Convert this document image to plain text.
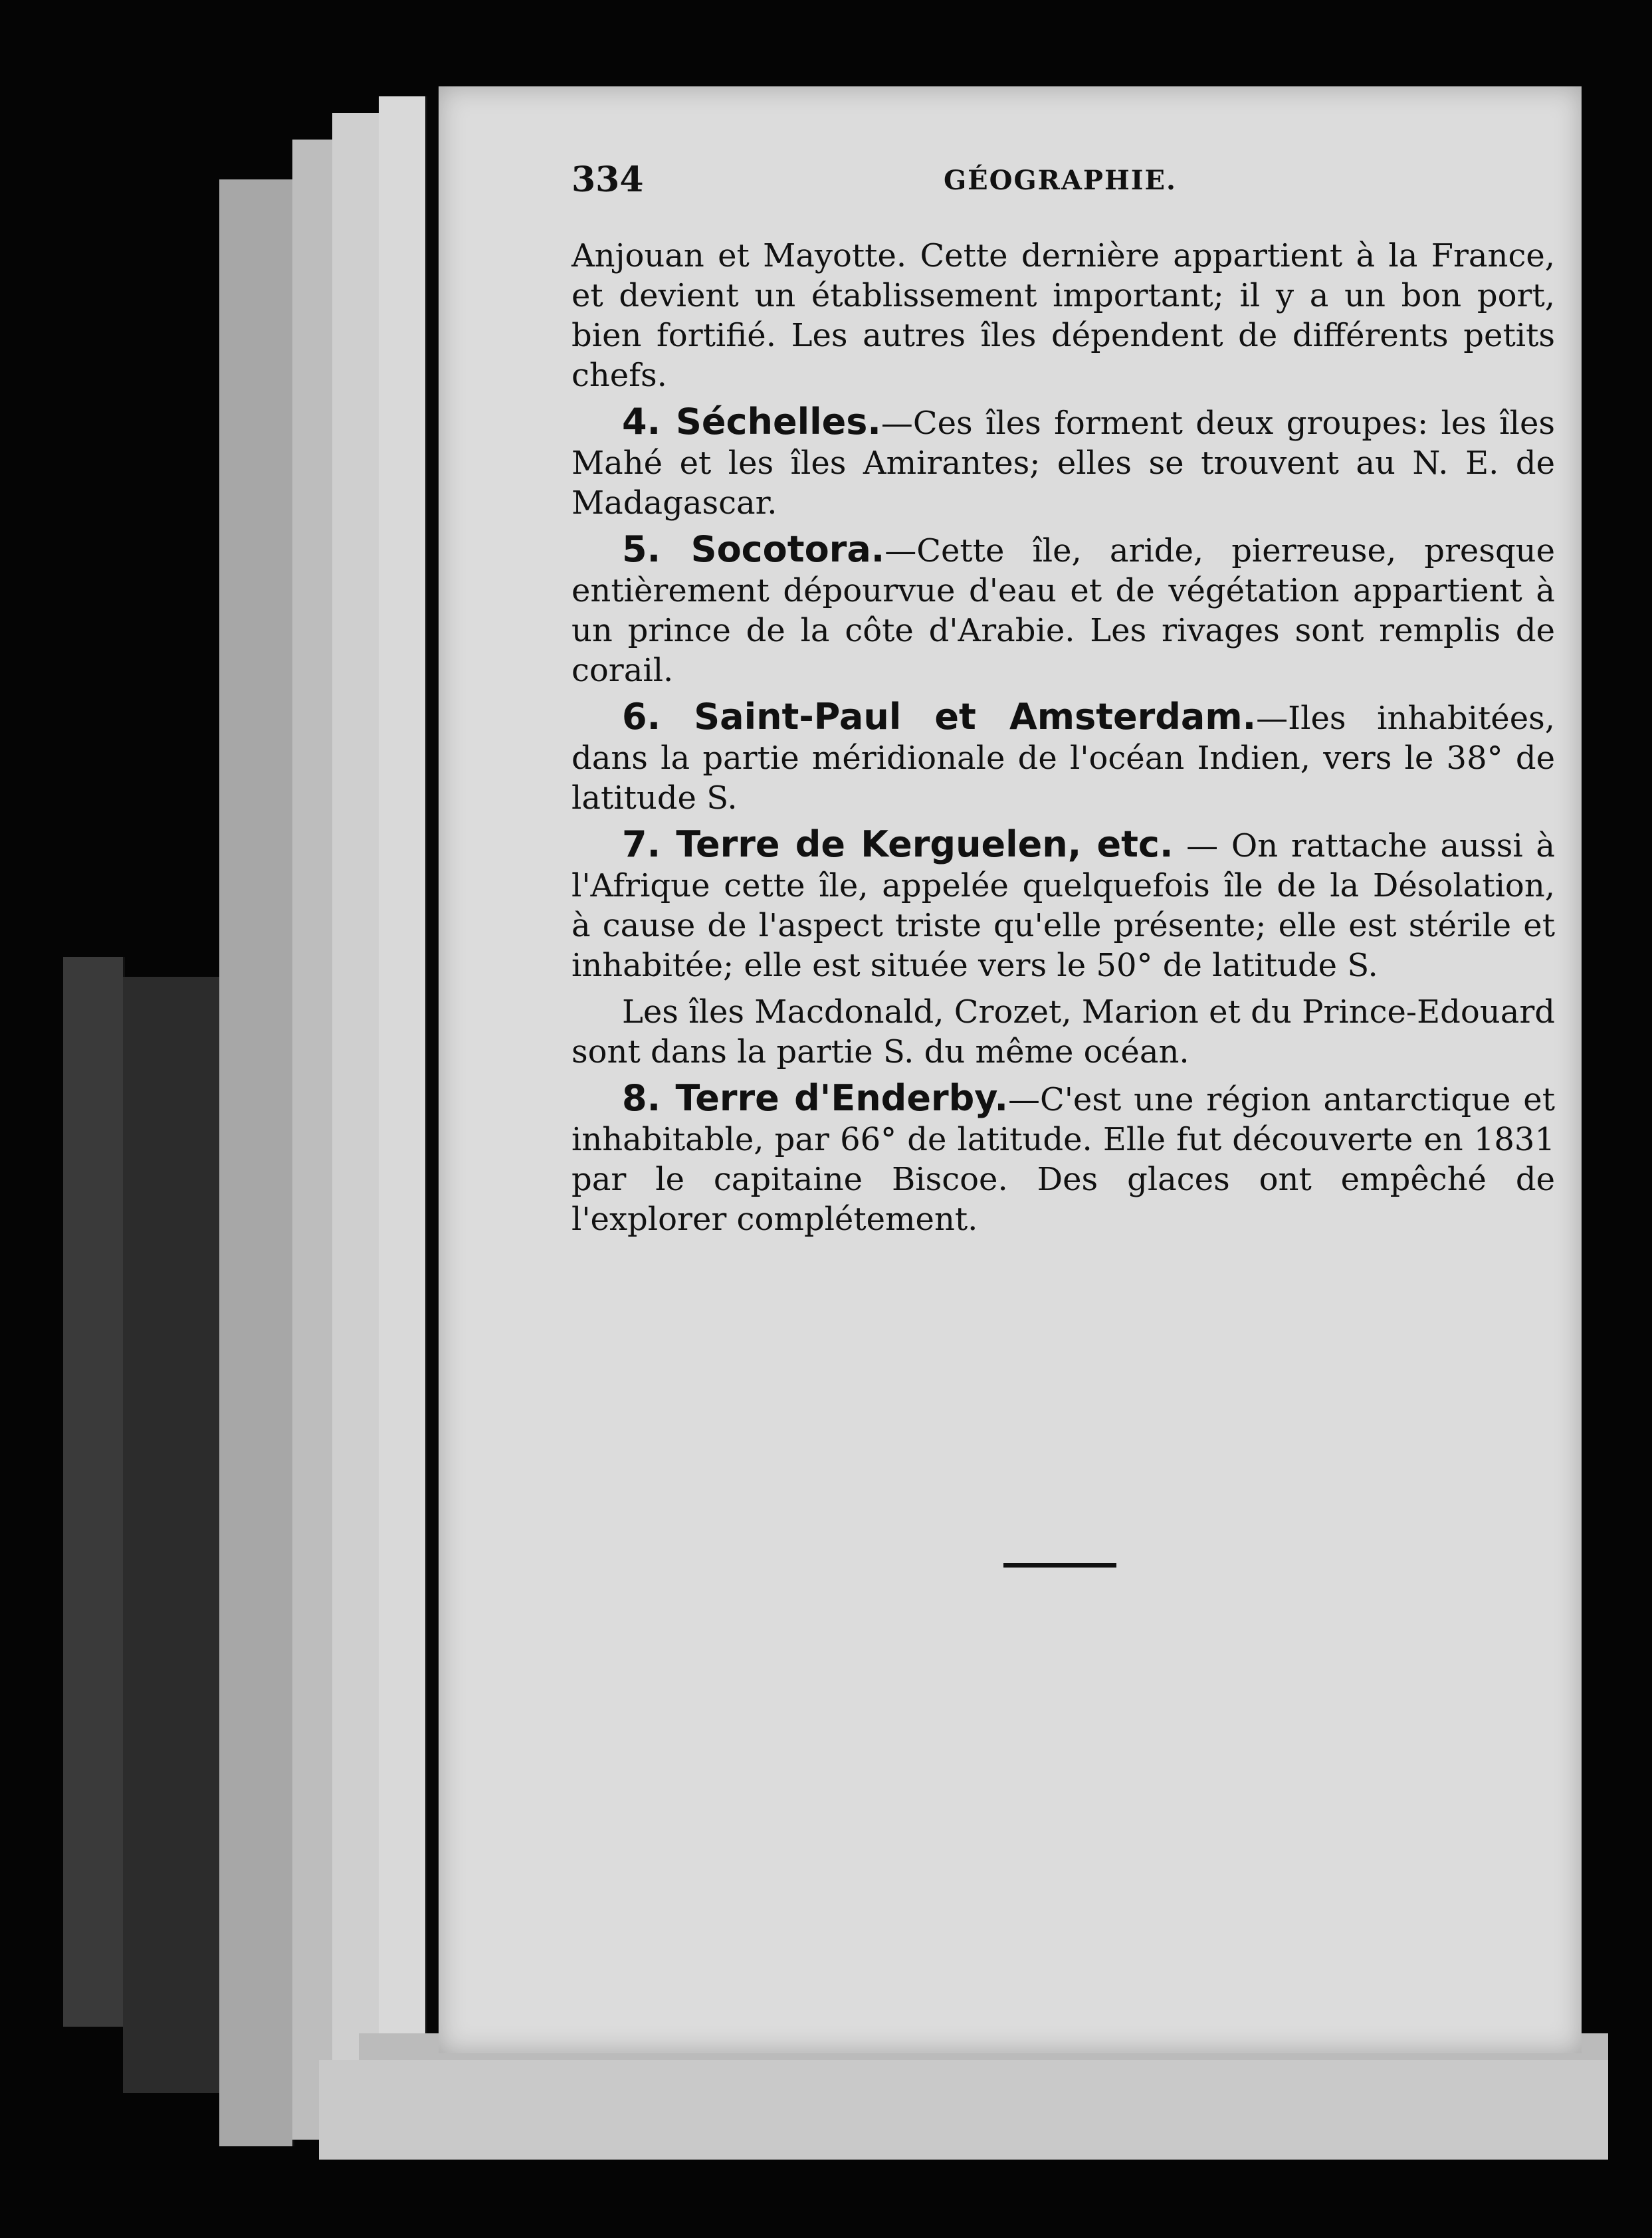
334	GÉOGRAPHIE.

Anjouan et Mayotte. Cette dernière appartient à la France, et devient un établissement important; il y a un bon port, bien fortifié. Les autres îles dépendent de différents petits chefs.

4. Séchelles.—Ces îles forment deux groupes: les îles Mahé et les îles Amirantes; elles se trouvent au N. E. de Madagascar.

5. Socotora.—Cette île, aride, pierreuse, presque entièrement dépourvue d'eau et de végétation appartient à un prince de la côte d'Arabie. Les rivages sont remplis de corail.

6. Saint-Paul et Amsterdam.—Iles inhabitées, dans la partie méridionale de l'océan Indien, vers le 38° de latitude S.

7. Terre de Kerguelen, etc. — On rattache aussi à l'Afrique cette île, appelée quelquefois île de la Désolation, à cause de l'aspect triste qu'elle présente; elle est stérile et inhabitée; elle est située vers le 50° de latitude S.

Les îles Macdonald, Crozet, Marion et du Prince-Edouard sont dans la partie S. du même océan.

8. Terre d'Enderby.—C'est une région antarctique et inhabitable, par 66° de latitude. Elle fut découverte en 1831 par le capitaine Biscoe. Des glaces ont empêché de l'explorer complétement.
